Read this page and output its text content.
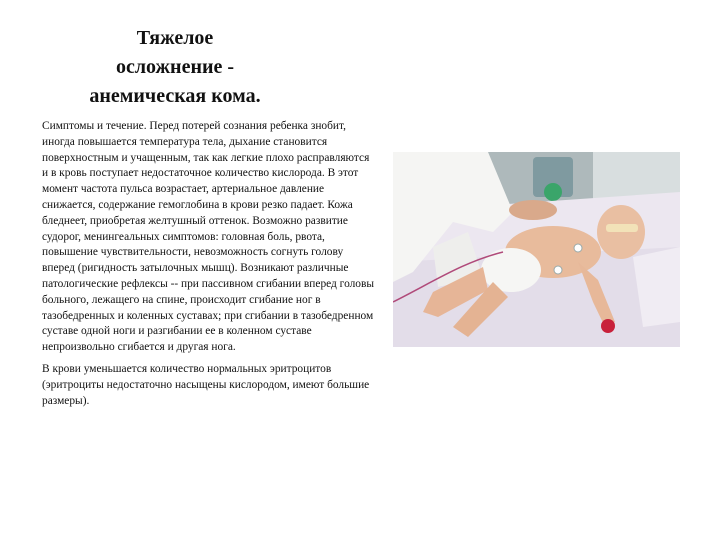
Тяжелое
осложнение -
анемическая кома.

Симптомы и течение. Перед потерей сознания ребенка знобит, иногда повышается температура тела, дыхание становится поверхностным и учащенным, так как легкие плохо расправляются и в кровь поступает недостаточное количество кислорода. В этот момент частота пульса возрастает, артериальное давление снижается, содержание гемоглобина в крови резко падает. Кожа бледнеет, приобретая желтушный оттенок. Возможно развитие судорог, менингеальных симптомов: головная боль, рвота, повышение чувствительности, невозможность согнуть голову вперед (ригидность затылочных мышц). Возникают различные патологические рефлексы -- при пассивном сгибании вперед головы больного, лежащего на спине, происходит сгибание ног в тазобедренных и коленных суставах; при сгибании в тазобедренном суставе одной ноги и разгибании ее в коленном суставе непроизвольно сгибается и другая нога.

В крови уменьшается количество нормальных эритроцитов (эритроциты недостаточно насыщены кислородом, имеют большие размеры).
